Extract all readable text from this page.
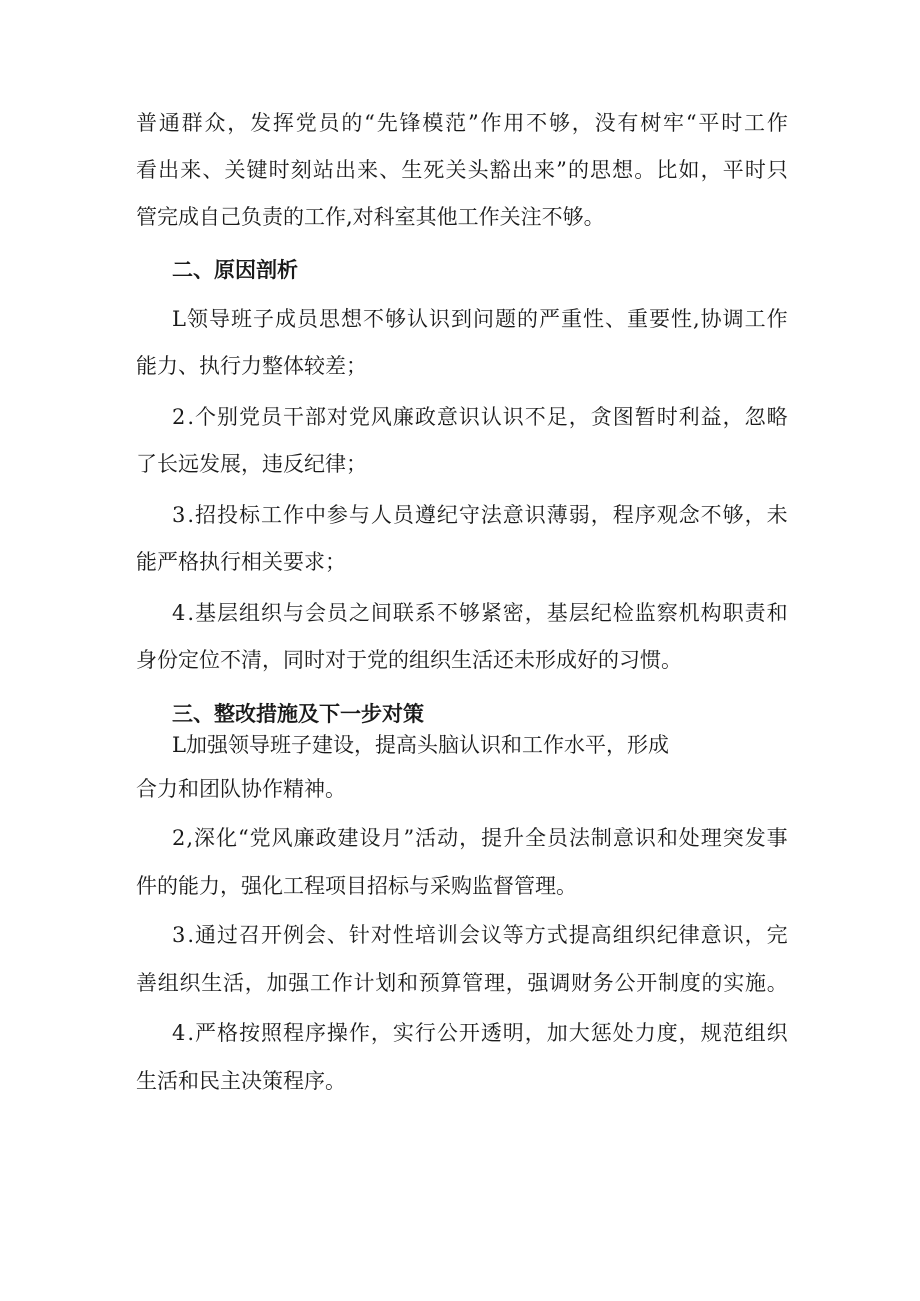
普 通 群 众 ， 发 挥 党 员 的 “ 先 锋 模 范 ” 作 用 不 够 ， 没 有 树 牢 “ 平 时 工 作
看 出 来 、 关 键 时 刻 站 出 来 、 生 死 关 头 豁 出 来 ” 的 思 想 。 比 如 ， 平 时 只
管完成自己负责的工作,对科室其他工作关注不够。
二、原因剖析
L 领 导 班 子 成 员 思 想 不 够 认 识 到 问 题 的 严 重 性 、 重 要 性 , 协 调 工 作
能力、执行力整体较差；
2 . 个 别 党 员 干 部 对 党 风 廉 政 意 识 认 识 不 足 ， 贪 图 暂 时 利 益 ， 忽 略
了长远发展，违反纪律；
3 . 招 投 标 工 作 中 参 与 人 员 遵 纪 守 法 意 识 薄 弱 ， 程 序 观 念 不 够 ， 未
能严格执行相关要求；
4 . 基 层 组 织 与 会 员 之 间 联 系 不 够 紧 密 ， 基 层 纪 检 监 察 机 构 职 责 和
身份定位不清，同时对于党的组织生活还未形成好的习惯。
三、整改措施及下一步对策
L加强领导班子建设，提高头脑认识和工作水平，形成
合力和团队协作精神。
2 , 深 化 “ 党 风 廉 政 建 设 月 ” 活 动 ， 提 升 全 员 法 制 意 识 和 处 理 突 发 事
件的能力，强化工程项目招标与采购监督管理。
3 . 通 过 召 开 例 会 、 针 对 性 培 训 会 议 等 方 式 提 高 组 织 纪 律 意 识 ， 完
善 组 织 生 活 ， 加 强 工 作 计 划 和 预 算 管 理 ， 强 调 财 务 公 开 制 度 的 实 施 。
4 . 严 格 按 照 程 序 操 作 ， 实 行 公 开 透 明 ， 加 大 惩 处 力 度 ， 规 范 组 织
生活和民主决策程序。
